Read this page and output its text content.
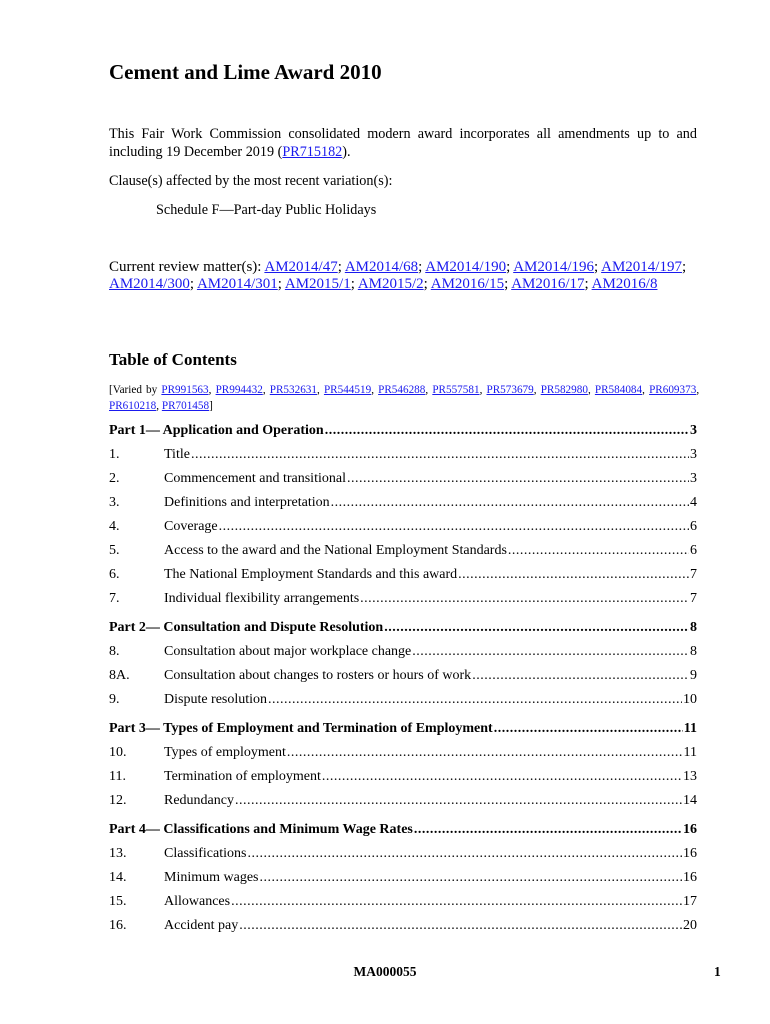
Cement and Lime Award 2010

This Fair Work Commission consolidated modern award incorporates all amendments up to and including 19 December 2019 (PR715182).

Clause(s) affected by the most recent variation(s):

Schedule F—Part-day Public Holidays

Current review matter(s): AM2014/47; AM2014/68; AM2014/190; AM2014/196; AM2014/197; AM2014/300; AM2014/301; AM2015/1; AM2015/2; AM2016/15; AM2016/17; AM2016/8

Table of Contents

[Varied by PR991563, PR994432, PR532631, PR544519, PR546288, PR557581, PR573679, PR582980, PR584084, PR609373, PR610218, PR701458]

Part 1— Application and Operation .....	3
1.	Title .....	3
2.	Commencement and transitional .....	3
3.	Definitions and interpretation .....	4
4.	Coverage .....	6
5.	Access to the award and the National Employment Standards .....	6
6.	The National Employment Standards and this award .....	7
7.	Individual flexibility arrangements .....	7
Part 2— Consultation and Dispute Resolution .....	8
8.	Consultation about major workplace change .....	8
8A.	Consultation about changes to rosters or hours of work .....	9
9.	Dispute resolution .....	10
Part 3— Types of Employment and Termination of Employment .....	11
10.	Types of employment .....	11
11.	Termination of employment .....	13
12.	Redundancy .....	14
Part 4— Classifications and Minimum Wage Rates .....	16
13.	Classifications .....	16
14.	Minimum wages .....	16
15.	Allowances .....	17
16.	Accident pay .....	20
MA000055	1
